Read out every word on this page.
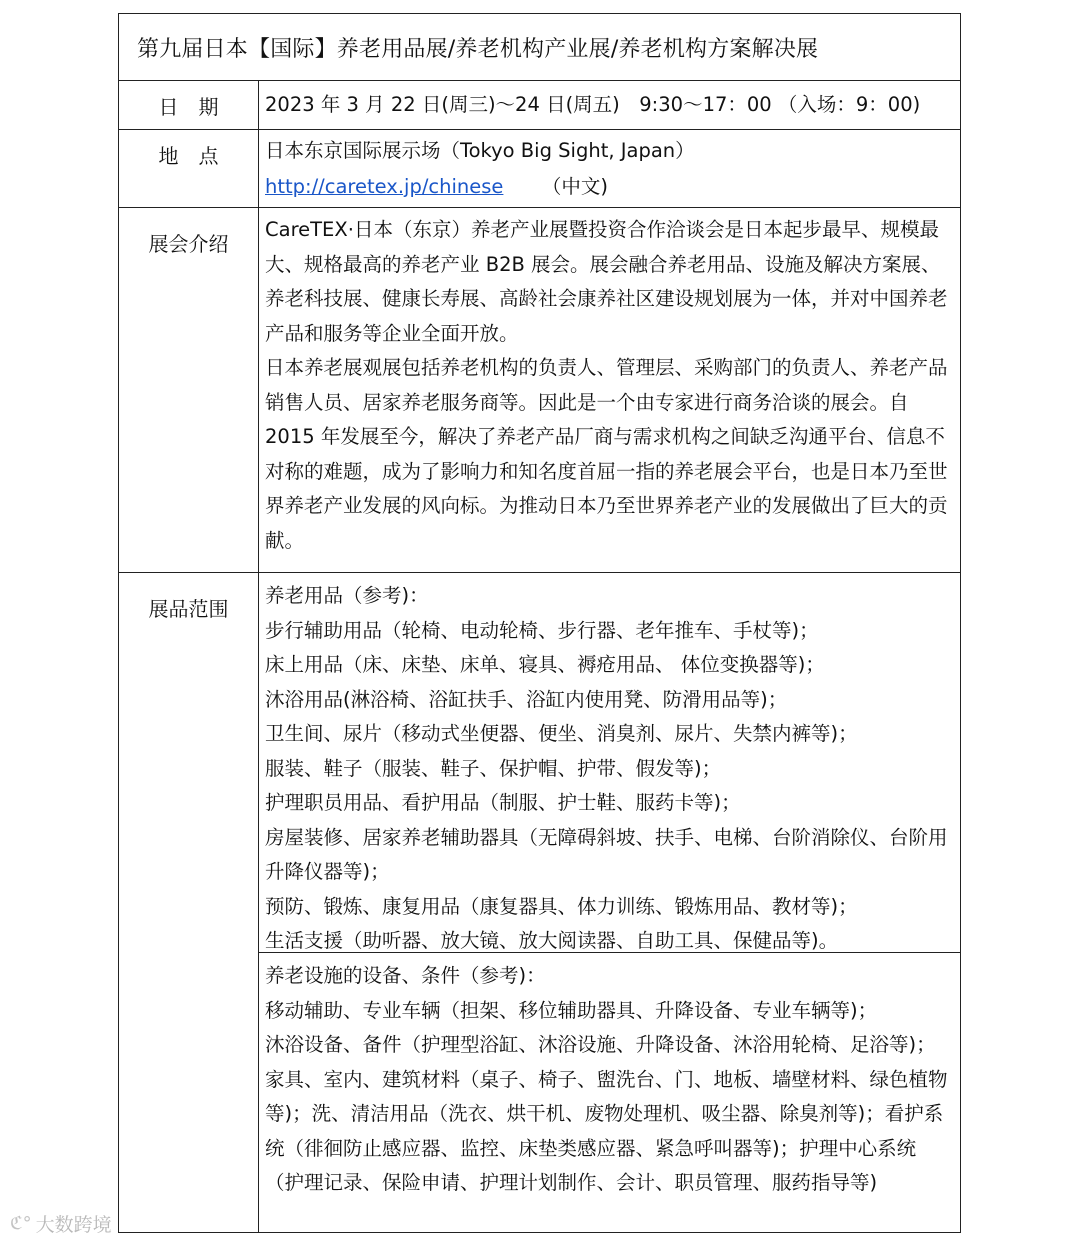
第九届日本【国际】养老用品展/养老机构产业展/养老机构方案解决展
日　期	2023 年 3 月 22 日(周三)～24 日(周五)　9:30～17：00 （入场：9：00)
地　点	日本东京国际展示场（Tokyo Big Sight, Japan）

http://caretex.jp/chinese （中文)

展会介绍

CareTEX·日本（东京）养老产业展暨投资合作洽谈会是日本起步最早、规模最大、规格最高的养老产业 B2B 展会。展会融合养老用品、设施及解决方案展、养老科技展、健康长寿展、高龄社会康养社区建设规划展为一体，并对中国养老产品和服务等企业全面开放。

日本养老展观展包括养老机构的负责人、管理层、采购部门的负责人、养老产品销售人员、居家养老服务商等。因此是一个由专家进行商务洽谈的展会。自 2015 年发展至今，解决了养老产品厂商与需求机构之间缺乏沟通平台、信息不对称的难题，成为了影响力和知名度首屈一指的养老展会平台，也是日本乃至世界养老产业发展的风向标。为推动日本乃至世界养老产业的发展做出了巨大的贡献。

展品范围

养老用品（参考)：

步行辅助用品（轮椅、电动轮椅、步行器、老年推车、手杖等)；

床上用品（床、床垫、床单、寝具、褥疮用品、 体位变换器等)；

沐浴用品(淋浴椅、浴缸扶手、浴缸内使用凳、防滑用品等)；

卫生间、尿片（移动式坐便器、便坐、消臭剂、尿片、失禁内裤等)；

服装、鞋子（服装、鞋子、保护帽、护带、假发等)；

护理职员用品、看护用品（制服、护士鞋、服药卡等)；

房屋装修、居家养老辅助器具（无障碍斜坡、扶手、电梯、台阶消除仪、台阶用升降仪器等)；

预防、锻炼、康复用品（康复器具、体力训练、锻炼用品、教材等)；

生活支援（助听器、放大镜、放大阅读器、自助工具、保健品等)。

养老设施的设备、条件（参考)：

移动辅助、专业车辆（担架、移位辅助器具、升降设备、专业车辆等)；

沐浴设备、备件（护理型浴缸、沐浴设施、升降设备、沐浴用轮椅、足浴等)；家具、室内、建筑材料（桌子、椅子、盥洗台、门、地板、墙壁材料、绿色植物等)；洗、清洁用品（洗衣、烘干机、废物处理机、吸尘器、除臭剂等)；看护系统（徘徊防止感应器、监控、床垫类感应器、紧急呼叫器等)；护理中心系统（护理记录、保险申请、护理计划制作、会计、职员管理、服药指导等)

ℭ° 大数跨境
